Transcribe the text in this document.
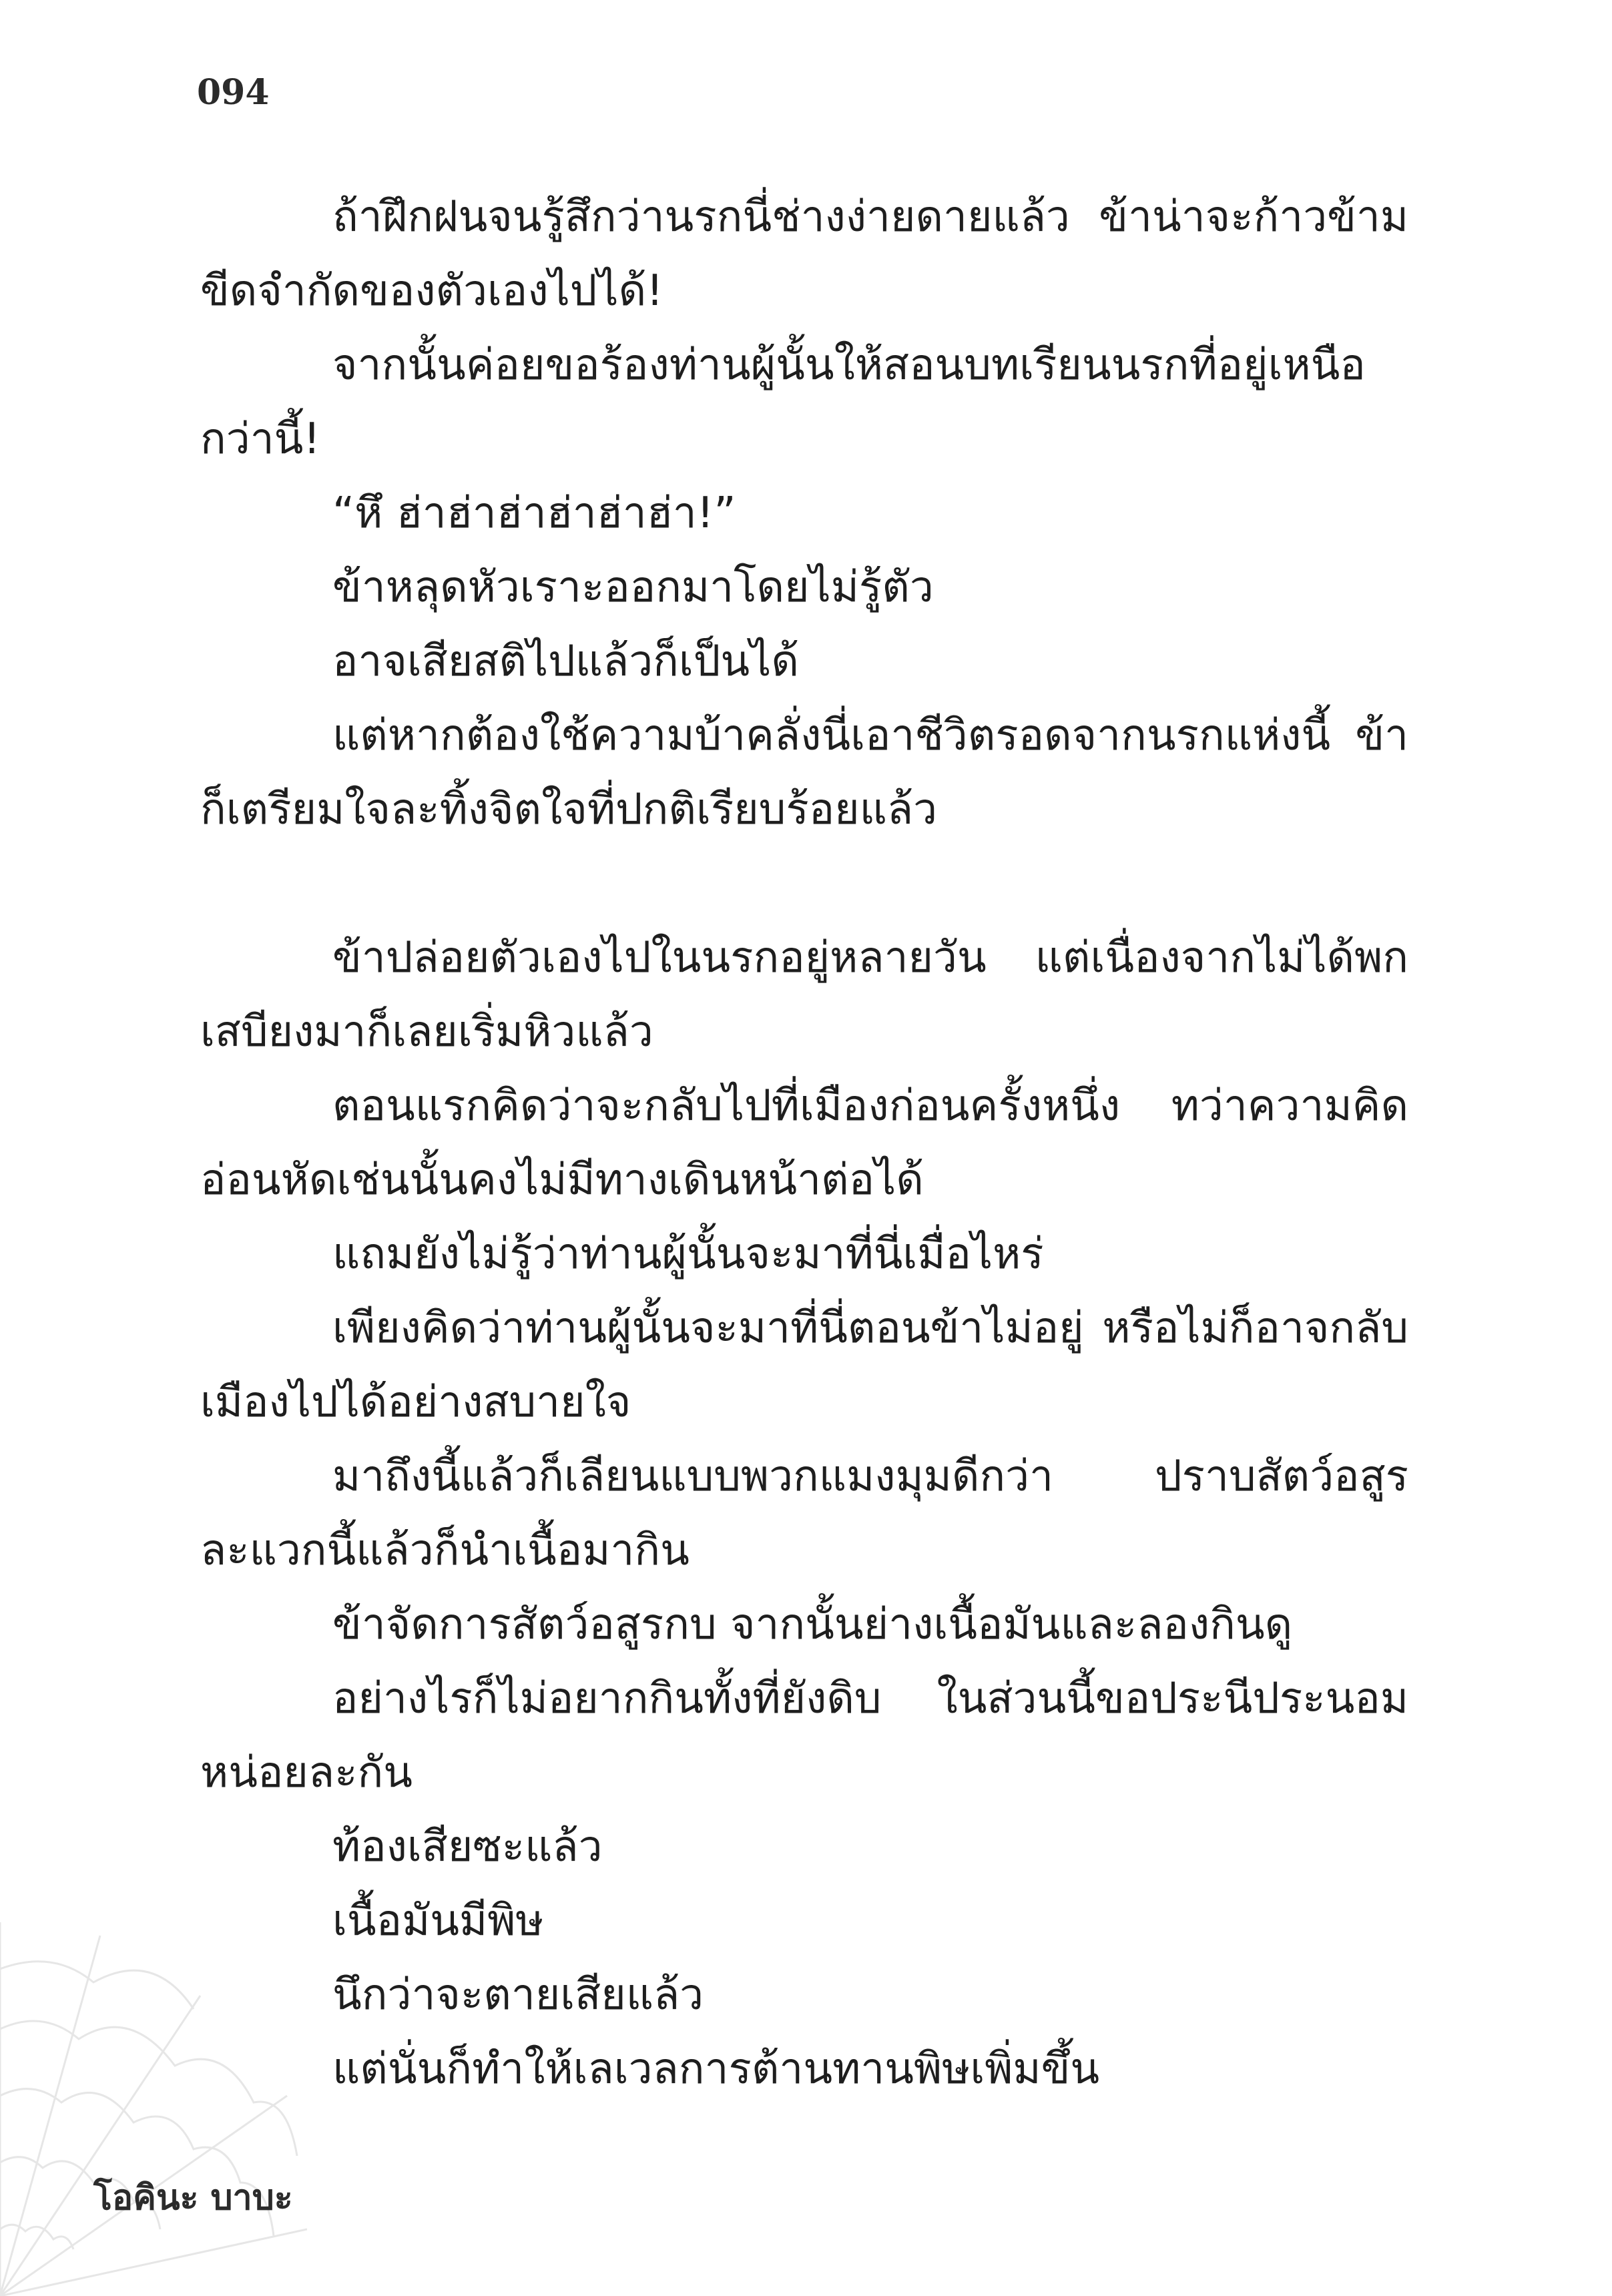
094

ถ้าฝึกฝนจนรู้สึกว่านรกนี่ช่างง่ายดายแล้ว ข้าน่าจะก้าวข้ามขีดจำกัดของตัวเองไปได้!

จากนั้นค่อยขอร้องท่านผู้นั้นให้สอนบทเรียนนรกที่อยู่เหนือกว่านี้!

“หึ ฮ่าฮ่าฮ่าฮ่าฮ่าฮ่า!”

ข้าหลุดหัวเราะออกมาโดยไม่รู้ตัว

อาจเสียสติไปแล้วก็เป็นได้

แต่หากต้องใช้ความบ้าคลั่งนี่เอาชีวิตรอดจากนรกแห่งนี้ ข้าก็เตรียมใจละทิ้งจิตใจที่ปกติเรียบร้อยแล้ว

ข้าปล่อยตัวเองไปในนรกอยู่หลายวัน แต่เนื่องจากไม่ได้พกเสบียงมาก็เลยเริ่มหิวแล้ว

ตอนแรกคิดว่าจะกลับไปที่เมืองก่อนครั้งหนึ่ง ทว่าความคิดอ่อนหัดเช่นนั้นคงไม่มีทางเดินหน้าต่อได้

แถมยังไม่รู้ว่าท่านผู้นั้นจะมาที่นี่เมื่อไหร่

เพียงคิดว่าท่านผู้นั้นจะมาที่นี่ตอนข้าไม่อยู่ หรือไม่ก็อาจกลับเมืองไปได้อย่างสบายใจ

มาถึงนี้แล้วก็เลียนแบบพวกแมงมุมดีกว่า ปราบสัตว์อสูรละแวกนี้แล้วก็นำเนื้อมากิน

ข้าจัดการสัตว์อสูรกบ จากนั้นย่างเนื้อมันและลองกินดู

อย่างไรก็ไม่อยากกินทั้งที่ยังดิบ ในส่วนนี้ขอประนีประนอมหน่อยละกัน

ท้องเสียซะแล้ว

เนื้อมันมีพิษ

นึกว่าจะตายเสียแล้ว

แต่นั่นก็ทำให้เลเวลการต้านทานพิษเพิ่มขึ้น

โอคินะ บาบะ
